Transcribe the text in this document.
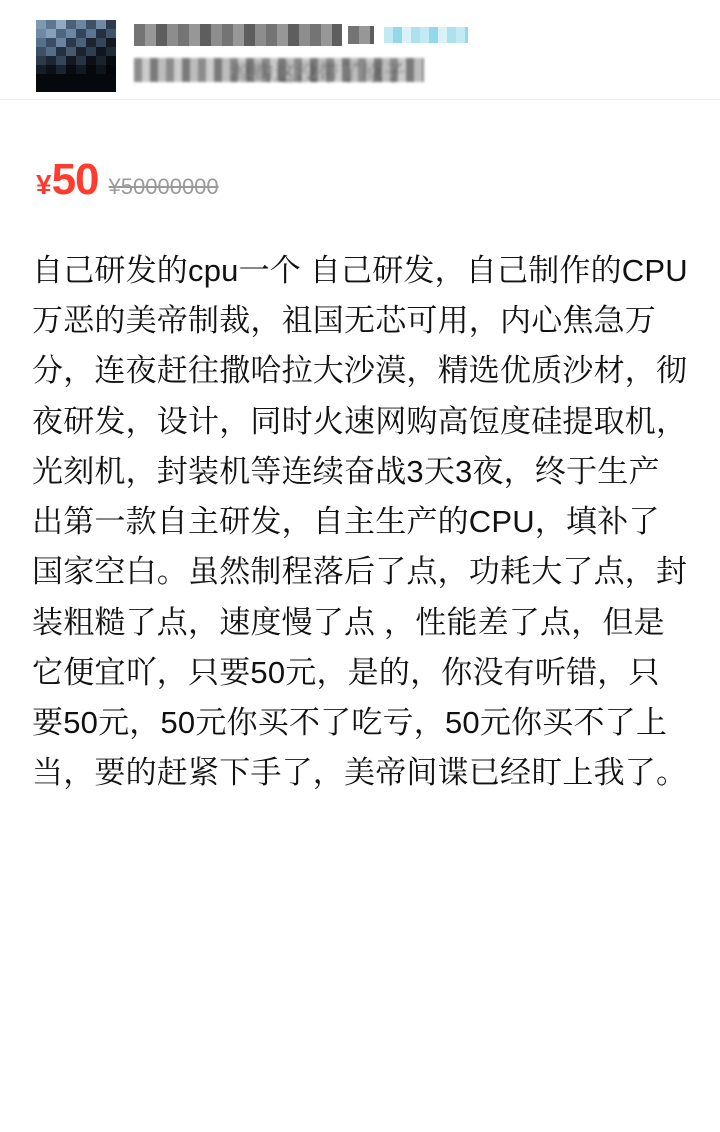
源购这没带了原子
¥ 50 ¥50000000
自己研发的cpu一个 自己研发，自己制作的CPU 万恶的美帝制裁，祖国无芯可用，内心焦急万分，连夜赶往撒哈拉大沙漠，精选优质沙材，彻夜研发，设计，同时火速网购高饾度硅提取机，光刻机，封装机等连续奋战3天3夜，终于生产出第一款自主研发，自主生产的CPU，填补了国家空白。虽然制程落后了点，功耗大了点，封装粗糙了点，速度慢了点 ，性能差了点，但是它便宜吖，只要50元，是的，你没有听错，只要50元，50元你买不了吃亏，50元你买不了上当，要的赶紧下手了，美帝间谍已经盯上我了。
